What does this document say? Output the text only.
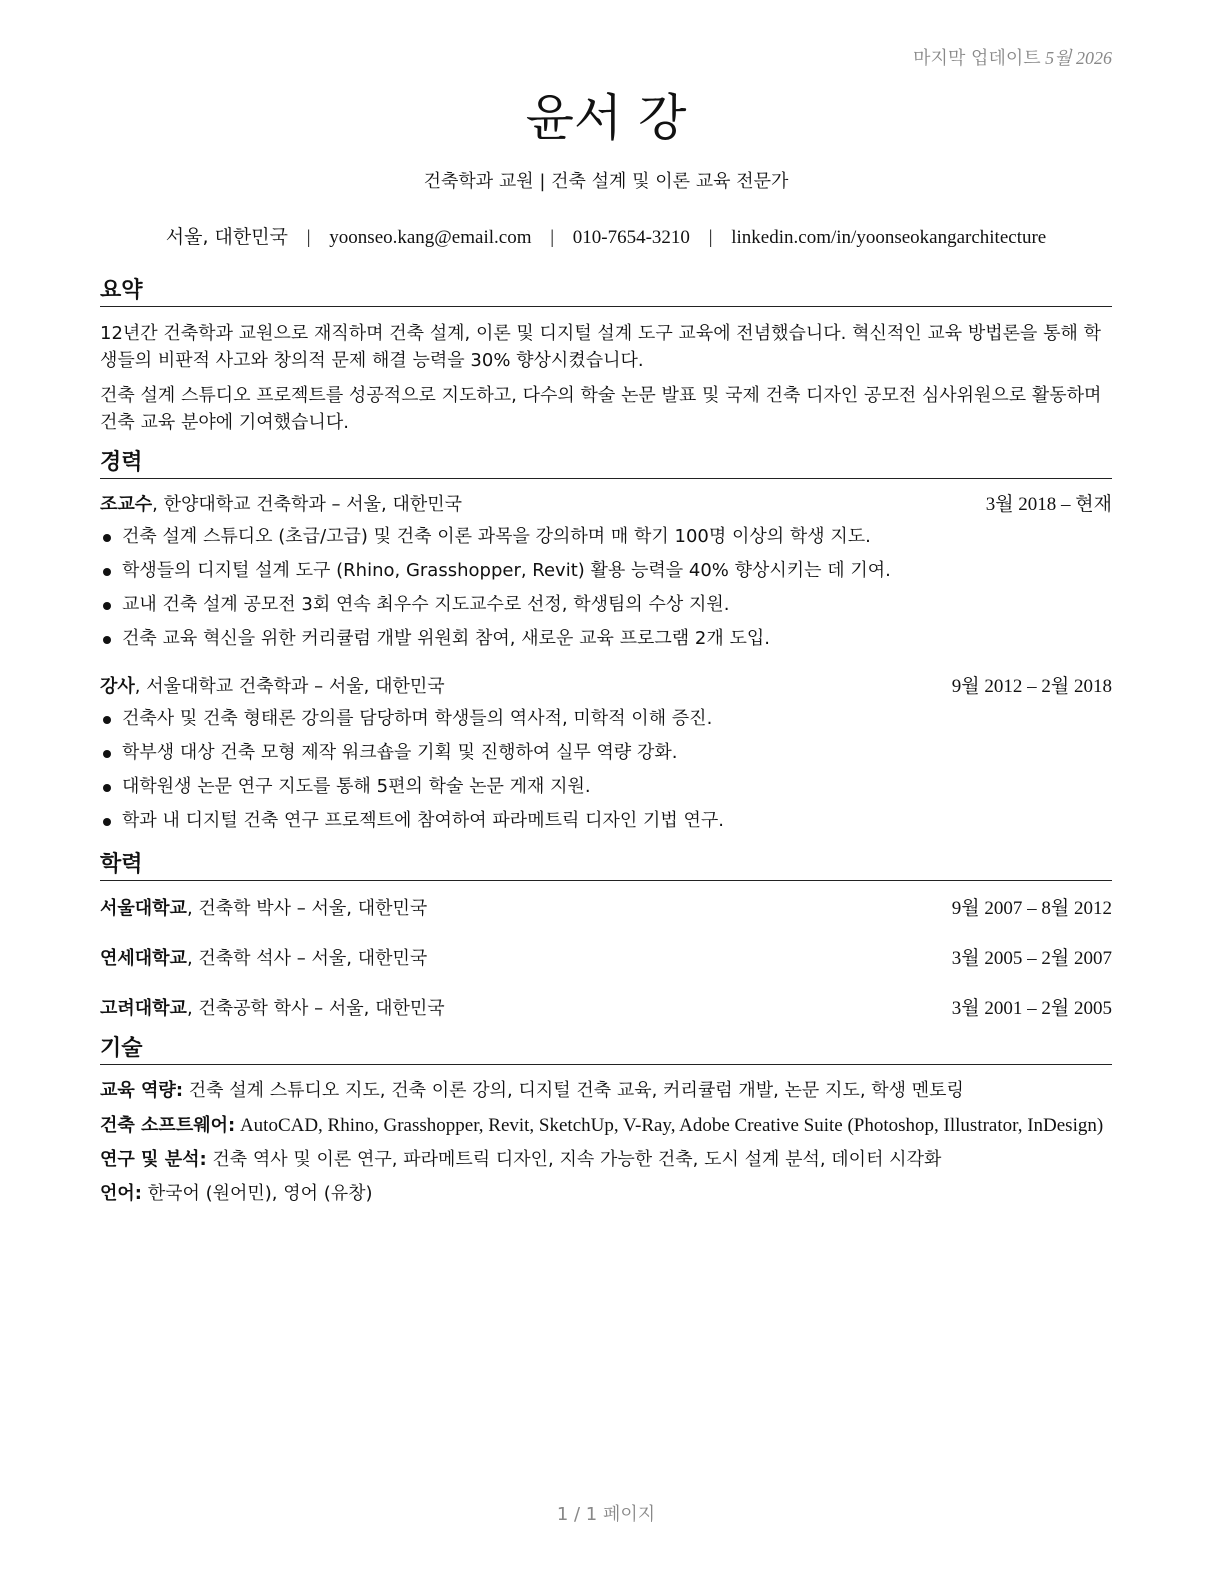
마지막 업데이트 5월 2026
윤서 강
건축학과 교원 | 건축 설계 및 이론 교육 전문가
서울, 대한민국 | yoonseo.kang@email.com | 010-7654-3210 | linkedin.com/in/yoonseokangarchitecture
요약

12년간 건축학과 교원으로 재직하며 건축 설계, 이론 및 디지털 설계 도구 교육에 전념했습니다. 혁신적인 교육 방법론을 통해 학생들의 비판적 사고와 창의적 문제 해결 능력을 30% 향상시켰습니다.

건축 설계 스튜디오 프로젝트를 성공적으로 지도하고, 다수의 학술 논문 발표 및 국제 건축 디자인 공모전 심사위원으로 활동하며 건축 교육 분야에 기여했습니다.

경력
조교수, 한양대학교 건축학과 – 서울, 대한민국	3월 2018 – 현재
건축 설계 스튜디오 (초급/고급) 및 건축 이론 과목을 강의하며 매 학기 100명 이상의 학생 지도.
학생들의 디지털 설계 도구 (Rhino, Grasshopper, Revit) 활용 능력을 40% 향상시키는 데 기여.
교내 건축 설계 공모전 3회 연속 최우수 지도교수로 선정, 학생팀의 수상 지원.
건축 교육 혁신을 위한 커리큘럼 개발 위원회 참여, 새로운 교육 프로그램 2개 도입.
강사, 서울대학교 건축학과 – 서울, 대한민국	9월 2012 – 2월 2018
건축사 및 건축 형태론 강의를 담당하며 학생들의 역사적, 미학적 이해 증진.
학부생 대상 건축 모형 제작 워크숍을 기획 및 진행하여 실무 역량 강화.
대학원생 논문 연구 지도를 통해 5편의 학술 논문 게재 지원.
학과 내 디지털 건축 연구 프로젝트에 참여하여 파라메트릭 디자인 기법 연구.
학력
서울대학교, 건축학 박사 – 서울, 대한민국	9월 2007 – 8월 2012
연세대학교, 건축학 석사 – 서울, 대한민국	3월 2005 – 2월 2007
고려대학교, 건축공학 학사 – 서울, 대한민국	3월 2001 – 2월 2005
기술

교육 역량: 건축 설계 스튜디오 지도, 건축 이론 강의, 디지털 건축 교육, 커리큘럼 개발, 논문 지도, 학생 멘토링

건축 소프트웨어: AutoCAD, Rhino, Grasshopper, Revit, SketchUp, V-Ray, Adobe Creative Suite (Photoshop, Illustrator, InDesign)

연구 및 분석: 건축 역사 및 이론 연구, 파라메트릭 디자인, 지속 가능한 건축, 도시 설계 분석, 데이터 시각화

언어: 한국어 (원어민), 영어 (유창)

1 / 1 페이지
